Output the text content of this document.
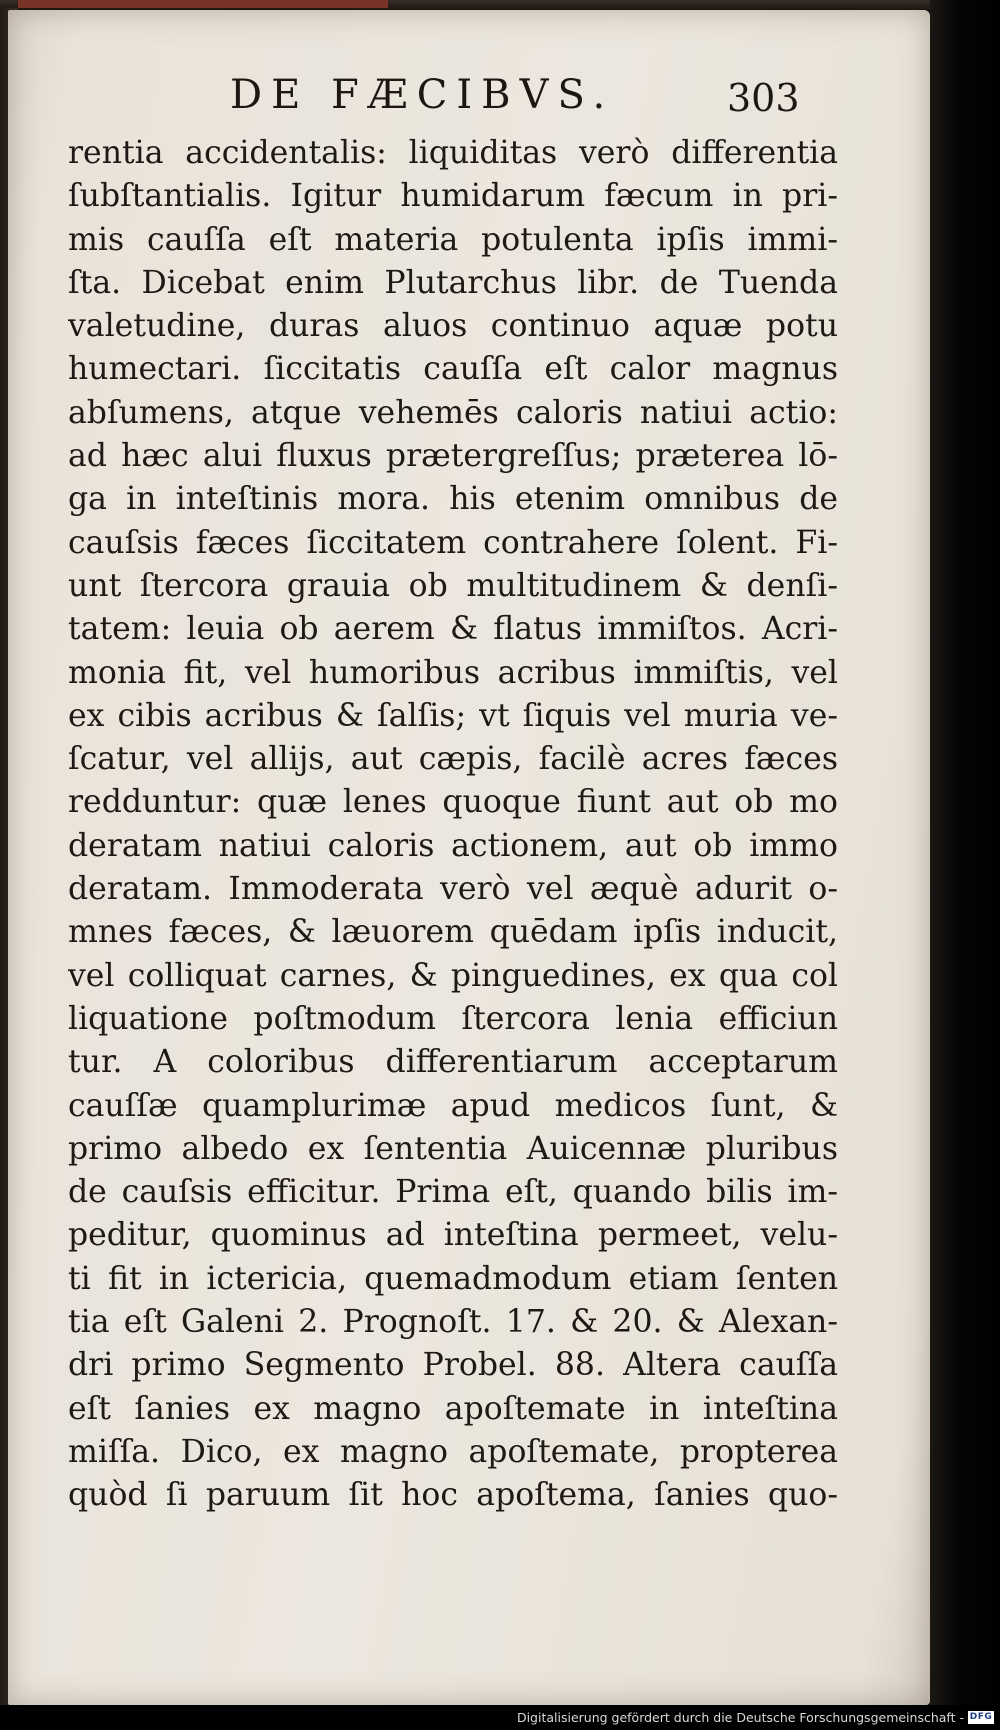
DE FÆCIBVS.	303
rentia accidentalis: liquiditas verò differentia
ſubſtantialis. Igitur humidarum fæcum in pri-
mis cauſſa eſt materia potulenta ipſis immi-
ſta. Dicebat enim Plutarchus libr. de Tuenda
valetudine, duras aluos continuo aquæ potu
humectari. ſiccitatis cauſſa eſt calor magnus
abſumens, atque vehemēs caloris natiui actio:
ad hæc alui fluxus prætergreſſus; præterea lō-
ga in inteſtinis mora. his etenim omnibus de
cauſsis fæces ſiccitatem contrahere ſolent. Fi-
unt ſtercora grauia ob multitudinem & denſi-
tatem: leuia ob aerem & flatus immiſtos. Acri-
monia fit, vel humoribus acribus immiſtis, vel
ex cibis acribus & ſalſis; vt ſiquis vel muria ve-
ſcatur, vel allijs, aut cæpis, facilè acres fæces
redduntur: quæ lenes quoque fiunt aut ob mo
deratam natiui caloris actionem, aut ob immo
deratam. Immoderata verò vel æquè adurit o-
mnes fæces, & læuorem quēdam ipſis inducit,
vel colliquat carnes, & pinguedines, ex qua col
liquatione poſtmodum ſtercora lenia efficiun
tur. A coloribus differentiarum acceptarum
cauſſæ quamplurimæ apud medicos ſunt, &
primo albedo ex ſententia Auicennæ pluribus
de cauſsis efficitur. Prima eſt, quando bilis im-
peditur, quominus ad inteſtina permeet, velu-
ti fit in ictericia, quemadmodum etiam ſenten
tia eſt Galeni 2. Prognoſt. 17. & 20. & Alexan-
dri primo Segmento Probel. 88. Altera cauſſa
eſt ſanies ex magno apoſtemate in inteſtina
miſſa. Dico, ex magno apoſtemate, propterea
quòd ſi paruum ſit hoc apoſtema, ſanies quo-
Digitalisierung gefördert durch die Deutsche Forschungsgemeinschaft - DFG
